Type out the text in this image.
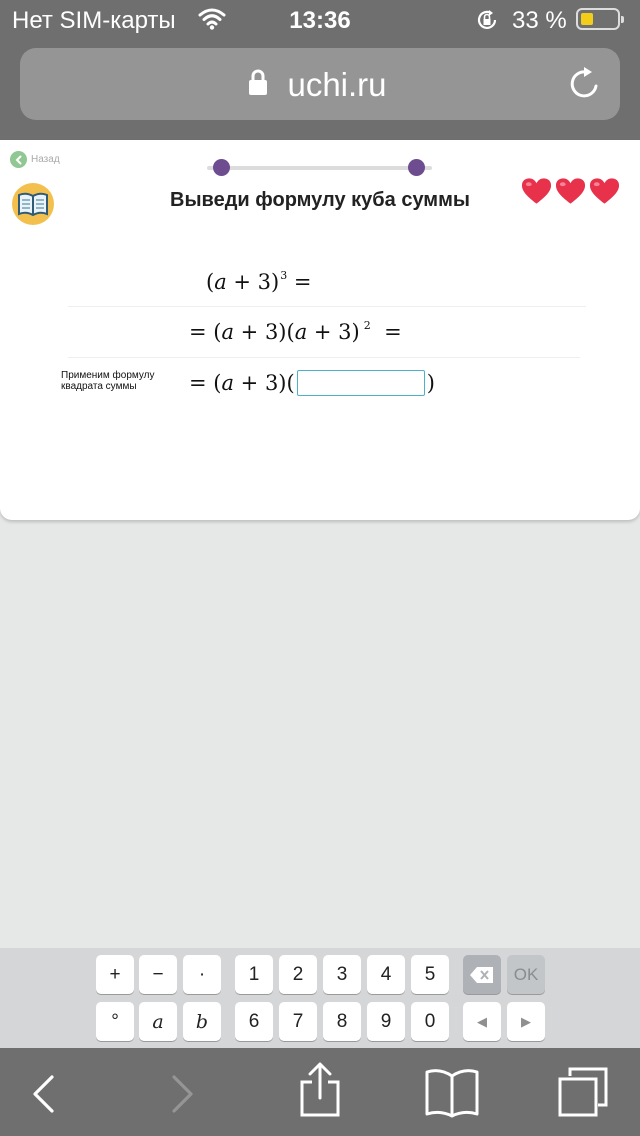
Нет SIM-карты	13:36	33 %
uchi.ru
Назад
Выведи формулу куба суммы
$(a + 3)^3$ =
= (a + 3)(a + 3) $^2$  =
Применим формулу квадрата суммы	= (a + 3)(	)
+	−	·	1	2	3	4	5	OK
°	a b	6	7	8	9	0	◀	▶
